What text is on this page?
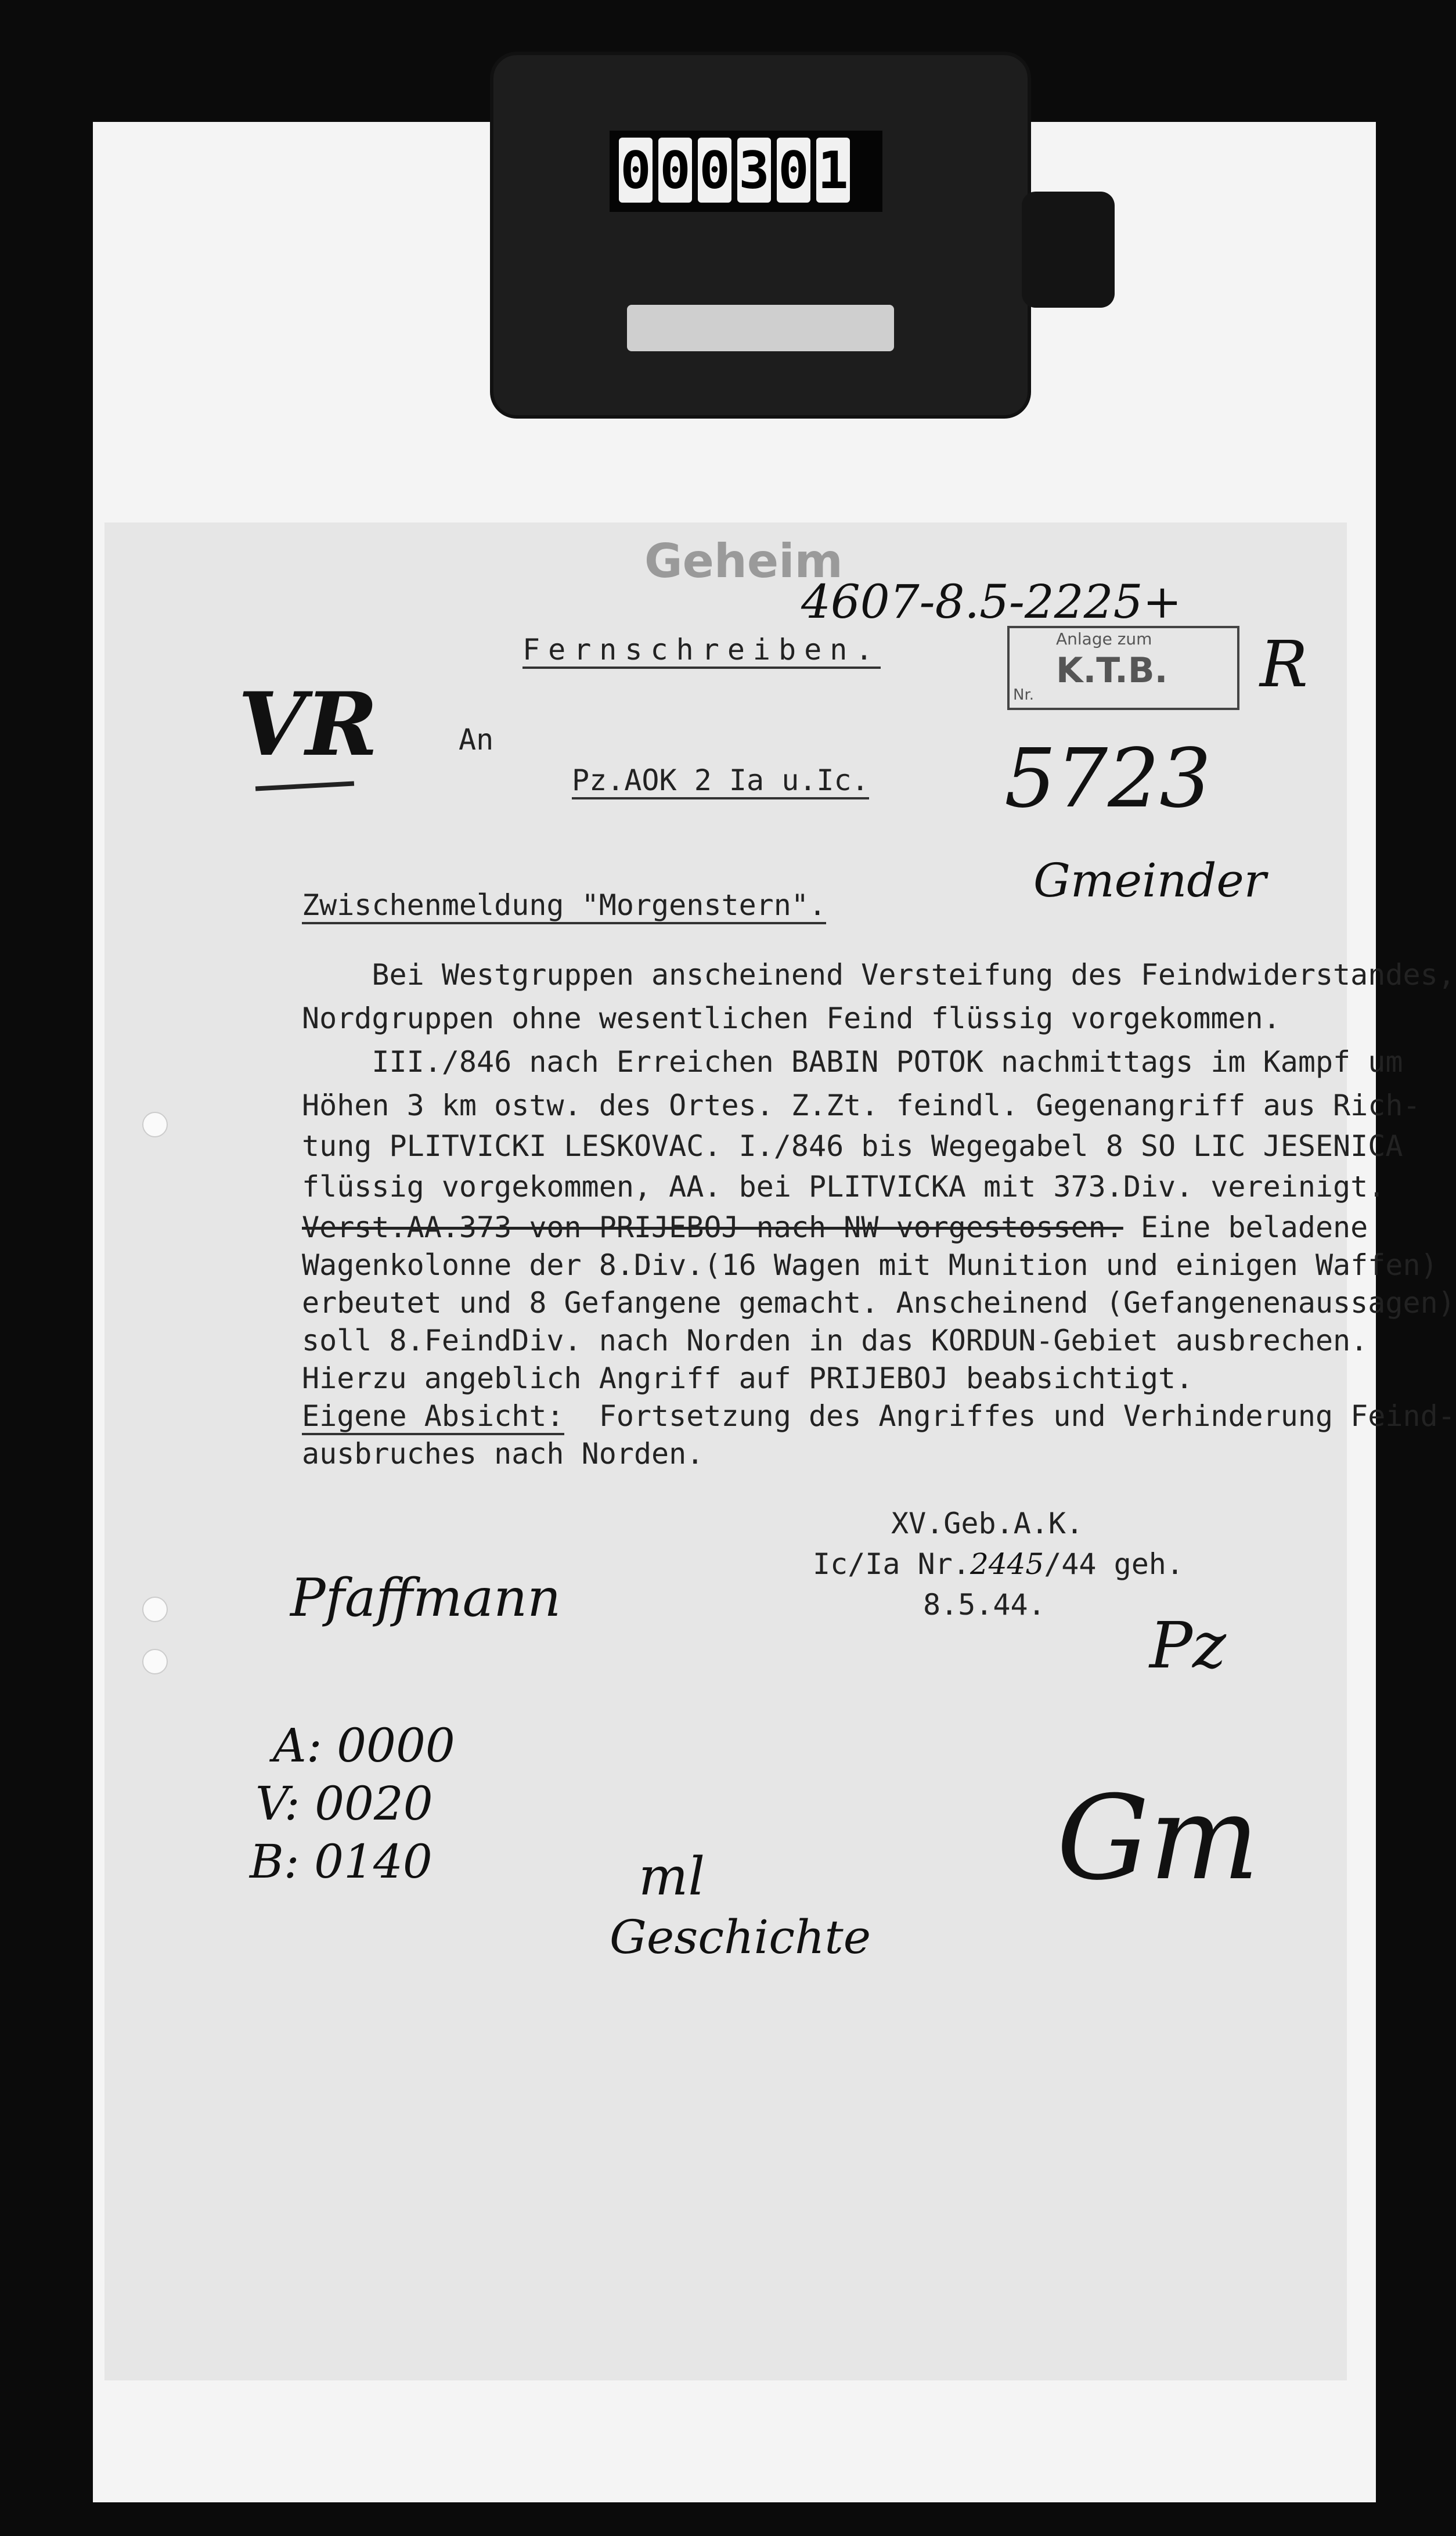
0 0 0 3 0 1
Geheim
4607-8.5-2225+
Fernschreiben.	Anlage zum
K.T.B.
Nr.	R
VR	An
Pz.AOK 2 Ia u.Ic. 5723
Gmeinder
Zwischenmeldung "Morgenstern".
Bei Westgruppen anscheinend Versteifung des Feindwiderstandes,
Nordgruppen ohne wesentlichen Feind flüssig vorgekommen.
III./846 nach Erreichen BABIN POTOK nachmittags im Kampf um
Höhen 3 km ostw. des Ortes. Z.Zt. feindl. Gegenangriff aus Rich-
tung PLITVICKI LESKOVAC. I./846 bis Wegegabel 8 SO LIC JESENICA
flüssig vorgekommen, AA. bei PLITVICKA mit 373.Div. vereinigt.
Verst.AA.373 von PRIJEBOJ nach NW vorgestossen. Eine beladene
Wagenkolonne der 8.Div.(16 Wagen mit Munition und einigen Waffen)
erbeutet und 8 Gefangene gemacht. Anscheinend (Gefangenenaussagen)
soll 8.FeindDiv. nach Norden in das KORDUN-Gebiet ausbrechen.
Hierzu angeblich Angriff auf PRIJEBOJ beabsichtigt.
Eigene Absicht:  Fortsetzung des Angriffes und Verhinderung Feind-
ausbruches nach Norden.
XV.Geb.A.K.
Ic/Ia Nr.2445/44 geh.
8.5.44.
Pfaffmann
Pz
A: 0000
V: 0020
B: 0140	ml
Geschichte
Gm
